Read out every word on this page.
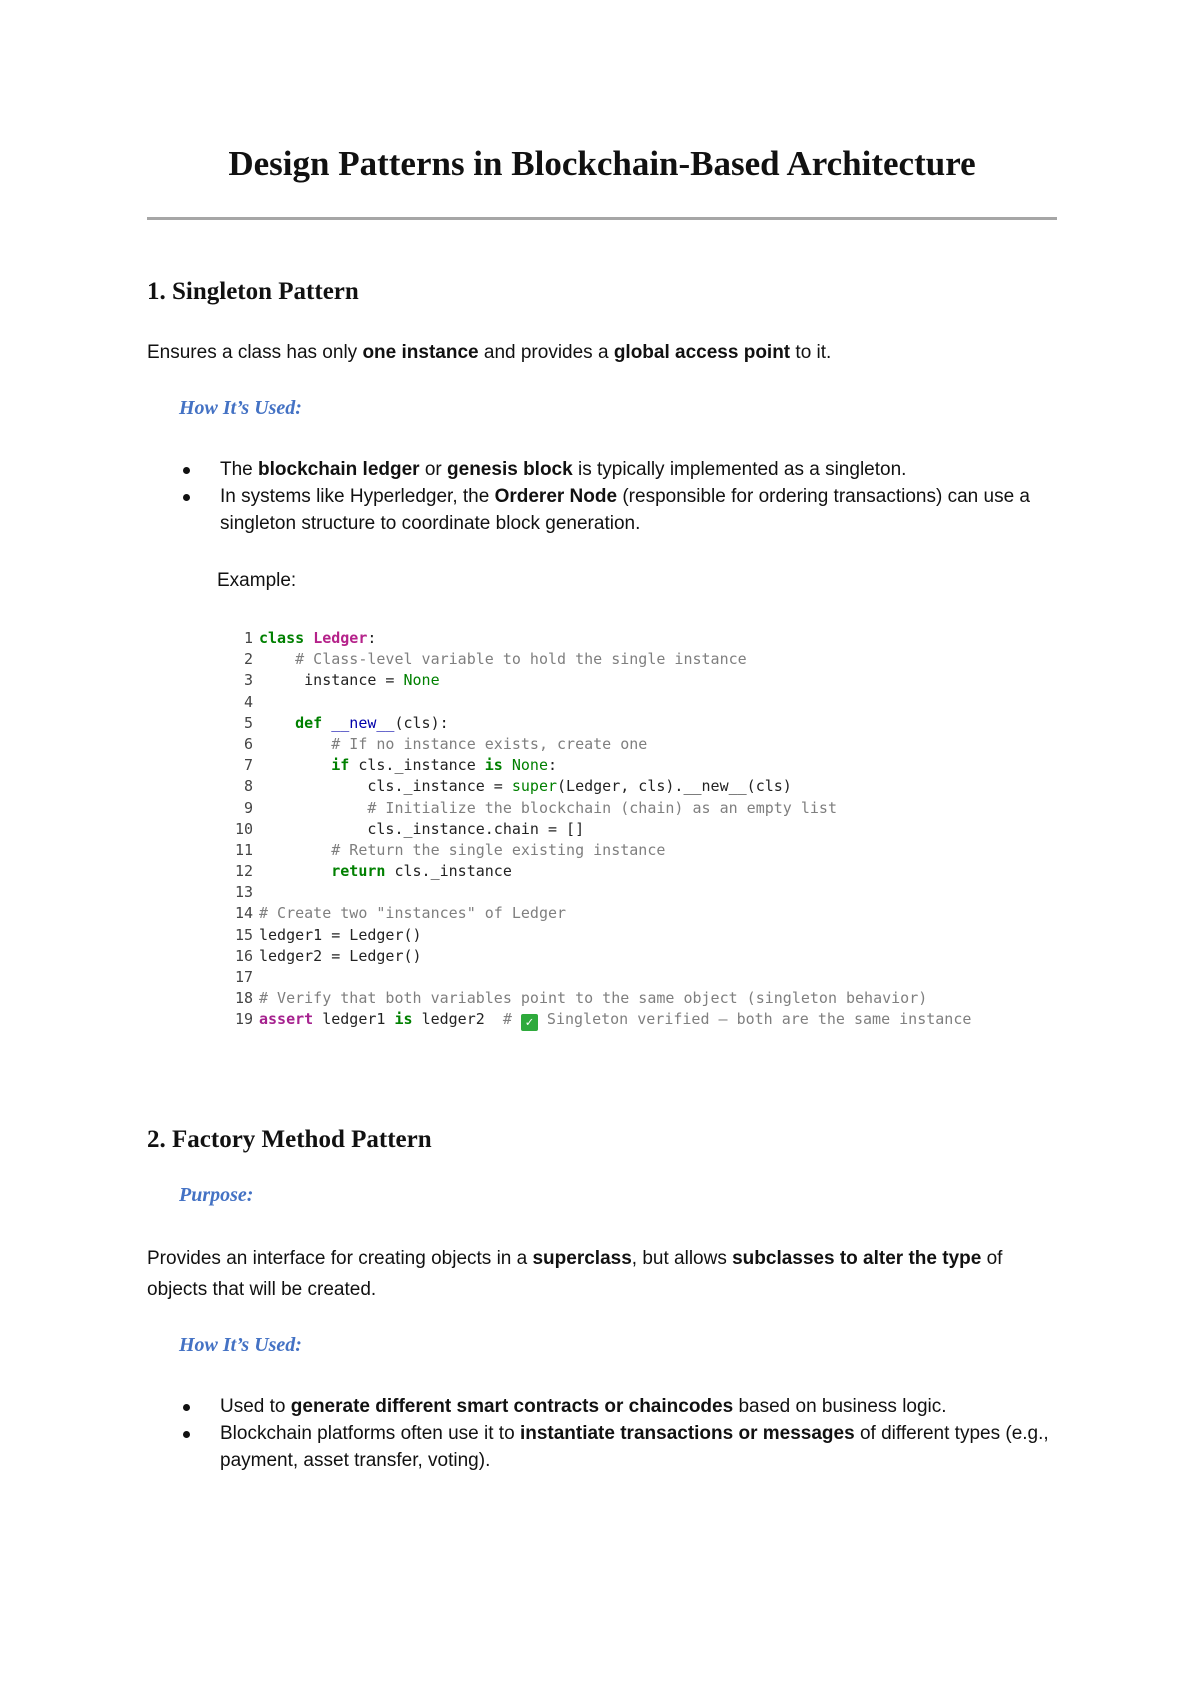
Design Patterns in Blockchain-Based Architecture
1. Singleton Pattern

Ensures a class has only one instance and provides a global access point to it.

How It’s Used:

The blockchain ledger or genesis block is typically implemented as a singleton.
In systems like Hyperledger, the Orderer Node (responsible for ordering transactions) can use a singleton structure to coordinate block generation.

Example:

1 class Ledger:
2	# Class-level variable to hold the single instance
3     instance = None
4
5	def __new__(cls):
6	# If no instance exists, create one
7	if cls._instance is None:
8            cls._instance = super(Ledger, cls).__new__(cls)
9	# Initialize the blockchain (chain) as an empty list
10            cls._instance.chain = []
11	# Return the single existing instance
12	return cls._instance
13
14 # Create two "instances" of Ledger
15 ledger1 = Ledger()
16 ledger2 = Ledger()
17
18 # Verify that both variables point to the same object (singleton behavior)
19 assert ledger1 is ledger2  # ✓ Singleton verified — both are the same instance
2. Factory Method Pattern

Purpose:

Provides an interface for creating objects in a superclass, but allows subclasses to alter the type of objects that will be created.

How It’s Used:

Used to generate different smart contracts or chaincodes based on business logic.
Blockchain platforms often use it to instantiate transactions or messages of different types (e.g., payment, asset transfer, voting).
